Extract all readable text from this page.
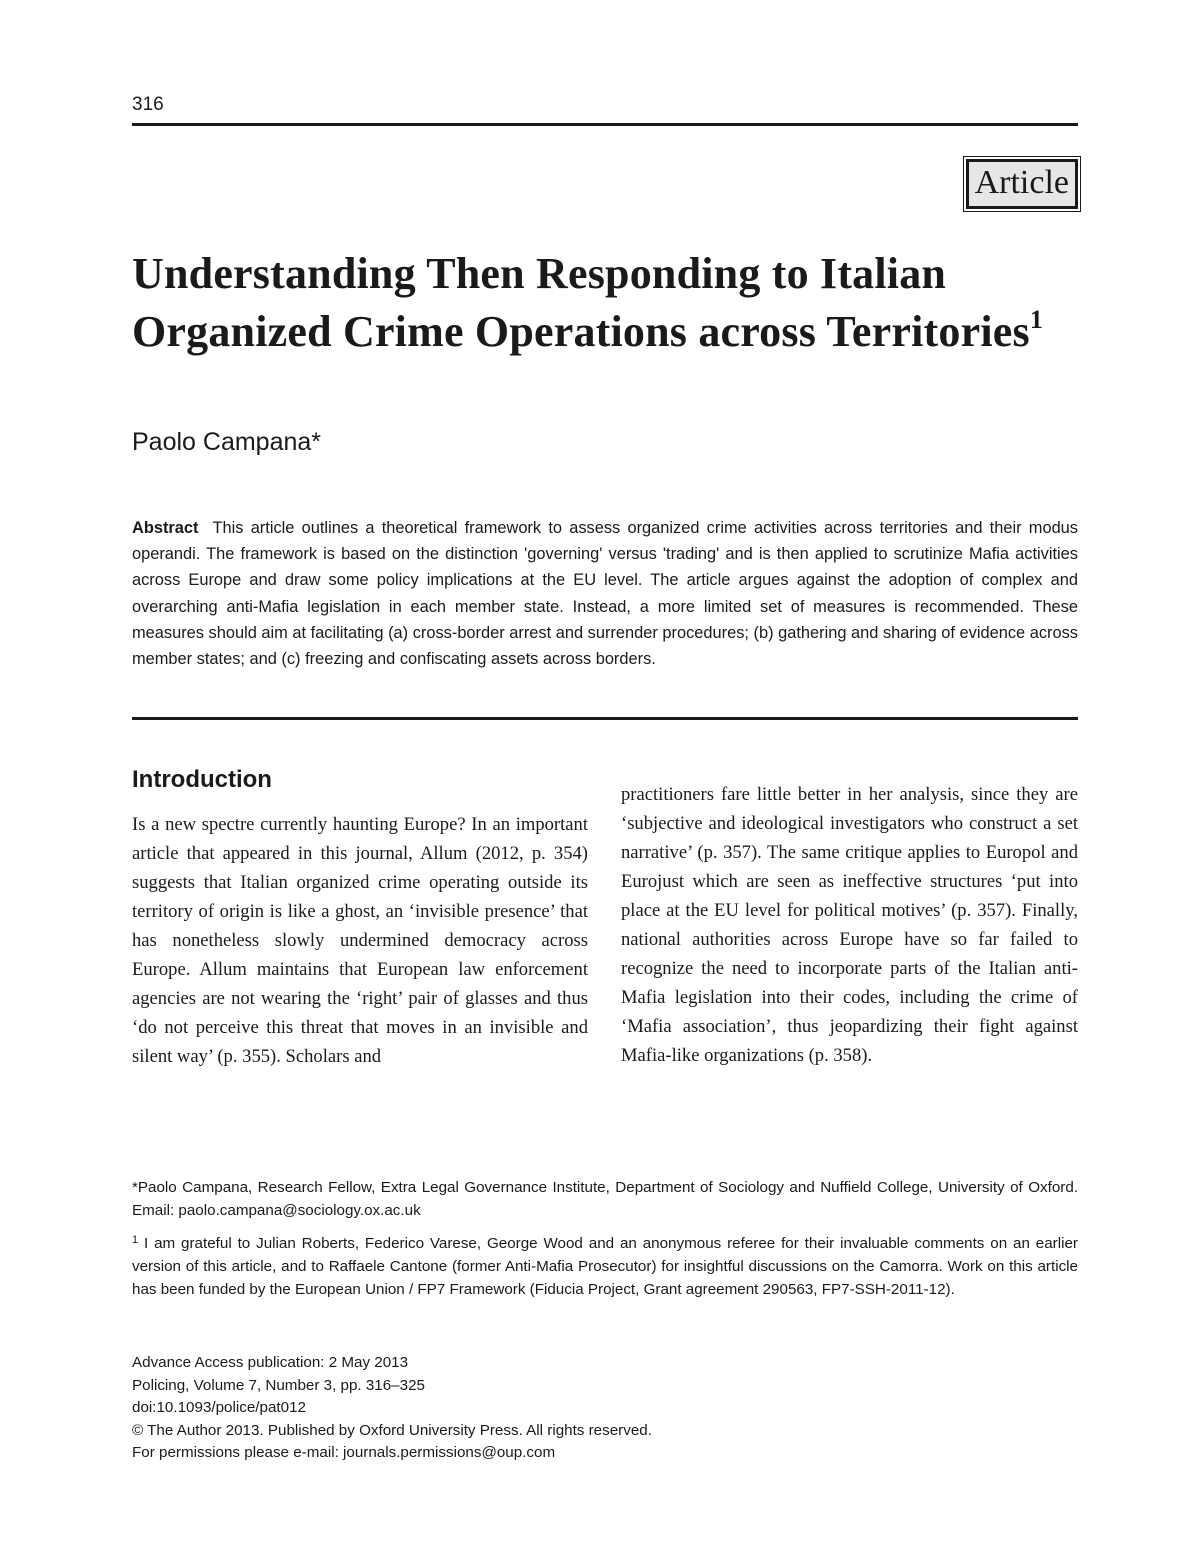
316
Article
Understanding Then Responding to Italian Organized Crime Operations across Territories$^1$
Paolo Campana*
Abstract This article outlines a theoretical framework to assess organized crime activities across territories and their modus operandi. The framework is based on the distinction 'governing' versus 'trading' and is then applied to scrutinize Mafia activities across Europe and draw some policy implications at the EU level. The article argues against the adoption of complex and overarching anti-Mafia legislation in each member state. Instead, a more limited set of measures is recommended. These measures should aim at facilitating (a) cross-border arrest and surrender procedures; (b) gathering and sharing of evidence across member states; and (c) freezing and confiscating assets across borders.
Introduction
Is a new spectre currently haunting Europe? In an important article that appeared in this journal, Allum (2012, p. 354) suggests that Italian organized crime operating outside its territory of origin is like a ghost, an ‘invisible presence’ that has nonetheless slowly undermined democracy across Europe. Allum maintains that European law enforcement agencies are not wearing the ‘right’ pair of glasses and thus ‘do not perceive this threat that moves in an invisible and silent way’ (p. 355). Scholars and
practitioners fare little better in her analysis, since they are ‘subjective and ideological investigators who construct a set narrative’ (p. 357). The same critique applies to Europol and Eurojust which are seen as ineffective structures ‘put into place at the EU level for political motives’ (p. 357). Finally, national authorities across Europe have so far failed to recognize the need to incorporate parts of the Italian anti-Mafia legislation into their codes, including the crime of ‘Mafia association’, thus jeopardizing their fight against Mafia-like organizations (p. 358).

*Paolo Campana, Research Fellow, Extra Legal Governance Institute, Department of Sociology and Nuffield College, University of Oxford. Email: paolo.campana@sociology.ox.ac.uk

$^1$ I am grateful to Julian Roberts, Federico Varese, George Wood and an anonymous referee for their invaluable comments on an earlier version of this article, and to Raffaele Cantone (former Anti-Mafia Prosecutor) for insightful discussions on the Camorra. Work on this article has been funded by the European Union / FP7 Framework (Fiducia Project, Grant agreement 290563, FP7-SSH-2011-12).

Advance Access publication: 2 May 2013
Policing, Volume 7, Number 3, pp. 316–325
doi:10.1093/police/pat012
© The Author 2013. Published by Oxford University Press. All rights reserved.
For permissions please e-mail: journals.permissions@oup.com
